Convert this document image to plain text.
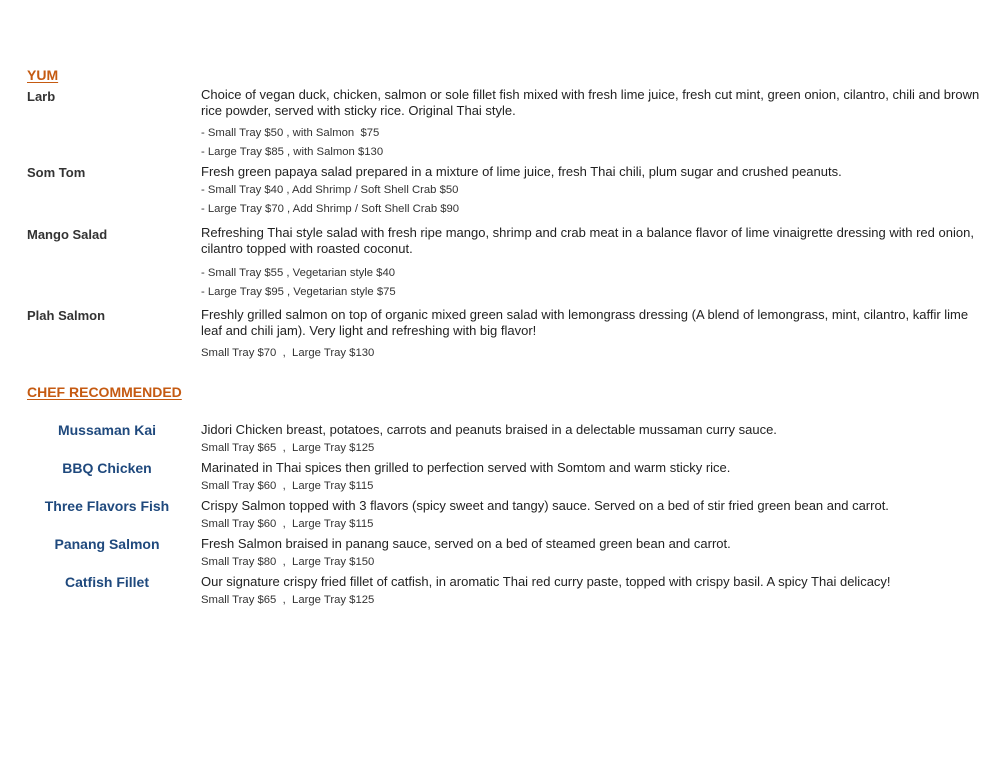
YUM
Larb	Choice of vegan duck, chicken, salmon or sole fillet fish mixed with fresh lime juice, fresh cut mint, green onion, cilantro, chili and brown rice powder, served with sticky rice. Original Thai style.
- Small Tray $50 , with Salmon  $75
- Large Tray $85 , with Salmon $130
Som Tom	Fresh green papaya salad prepared in a mixture of lime juice, fresh Thai chili, plum sugar and crushed peanuts.
- Small Tray $40 , Add Shrimp / Soft Shell Crab $50
- Large Tray $70 , Add Shrimp / Soft Shell Crab $90
Mango Salad	Refreshing Thai style salad with fresh ripe mango, shrimp and crab meat in a balance flavor of lime vinaigrette dressing with red onion, cilantro topped with roasted coconut.
- Small Tray $55 , Vegetarian style $40
- Large Tray $95 , Vegetarian style $75
Plah Salmon	Freshly grilled salmon on top of organic mixed green salad with lemongrass dressing (A blend of lemongrass, mint, cilantro, kaffir lime leaf and chili jam). Very light and refreshing with big flavor!
Small Tray $70  ,  Large Tray $130
CHEF RECOMMENDED
Mussaman Kai	Jidori Chicken breast, potatoes, carrots and peanuts braised in a delectable mussaman curry sauce.
Small Tray $65  ,  Large Tray $125
BBQ Chicken	Marinated in Thai spices then grilled to perfection served with Somtom and warm sticky rice.
Small Tray $60  ,  Large Tray $115
Three Flavors Fish	Crispy Salmon topped with 3 flavors (spicy sweet and tangy) sauce. Served on a bed of stir fried green bean and carrot.
Small Tray $60  ,  Large Tray $115
Panang Salmon	Fresh Salmon braised in panang sauce, served on a bed of steamed green bean and carrot.
Small Tray $80  ,  Large Tray $150
Catfish Fillet	Our signature crispy fried fillet of catfish, in aromatic Thai red curry paste, topped with crispy basil. A spicy Thai delicacy!
Small Tray $65  ,  Large Tray $125
